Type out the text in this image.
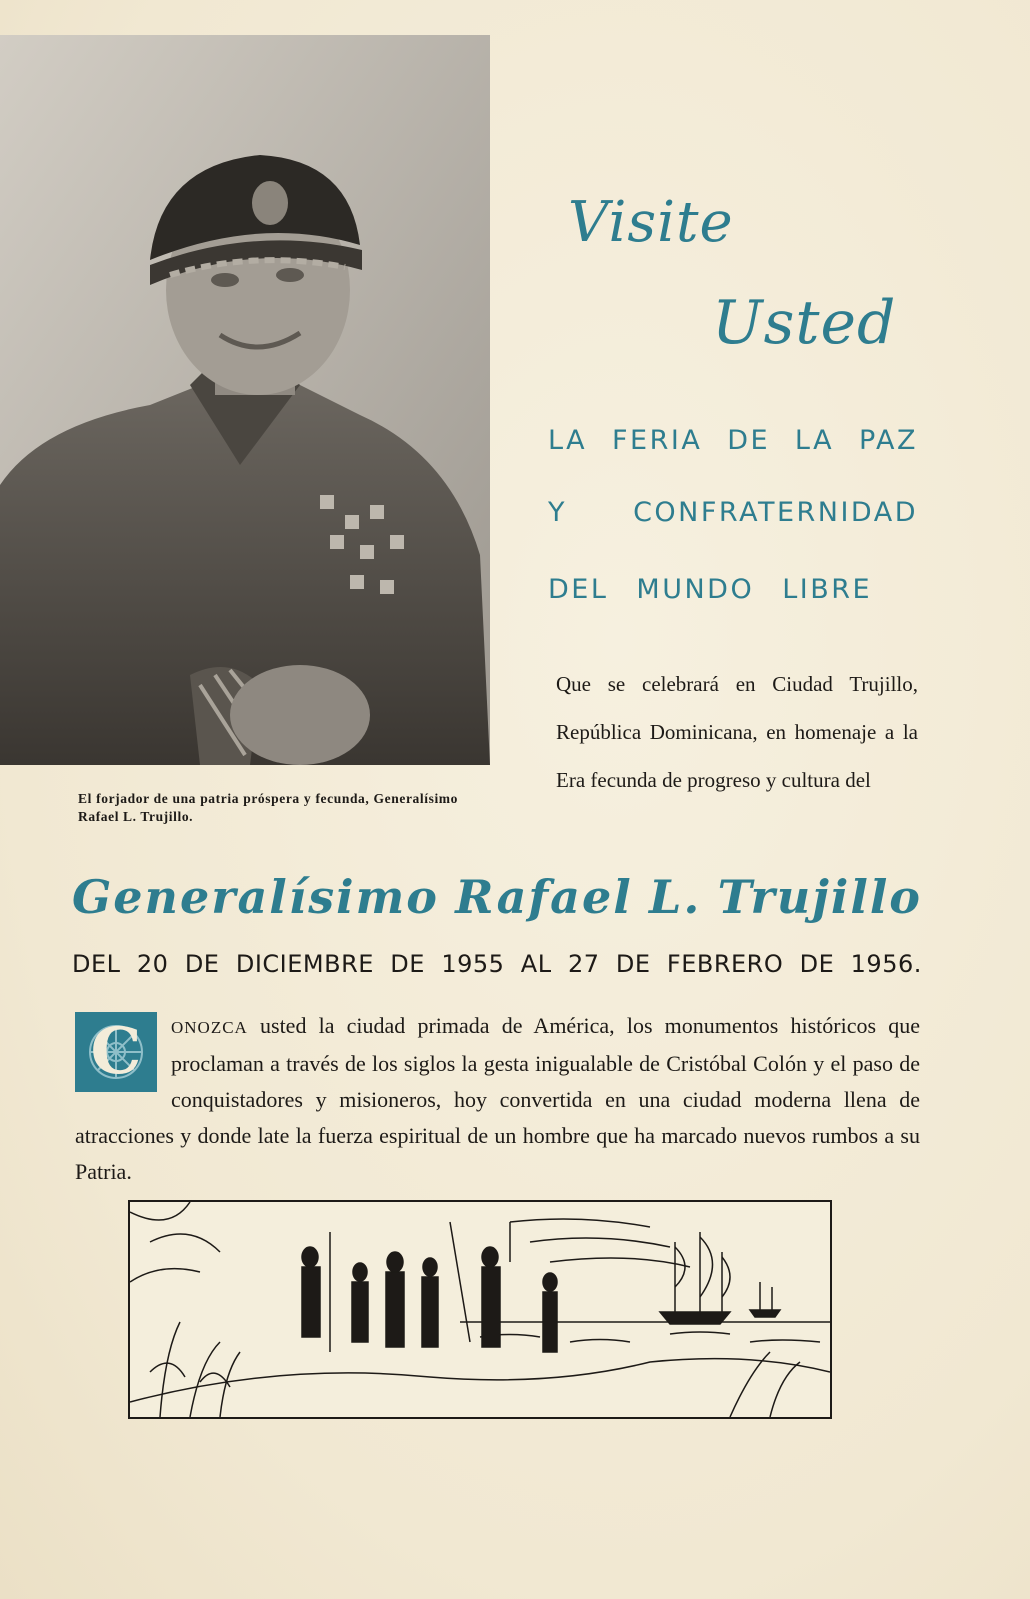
El forjador de una patria próspera y fecunda, Generalísimo Rafael L. Trujillo.
Visite
Usted
LA FERIA DE LA PAZ
Y CONFRATERNIDAD
DEL MUNDO LIBRE

Que se celebrará en Ciudad Trujillo, República Dominicana, en homenaje a la Era fecunda de progreso y cultura del

Generalísimo Rafael L. Trujillo
DEL 20 DE DICIEMBRE DE 1955 AL 27 DE FEBRERO DE 1956.
C	ONOZCA usted la ciudad primada de América, los monumentos históricos que proclaman a través de los siglos la gesta inigualable de Cristóbal Colón y el paso de conquistadores y misioneros, hoy convertida en una ciudad moderna llena de atracciones y donde late la fuerza espiritual de un hombre que ha marcado nuevos rumbos a su Patria.
